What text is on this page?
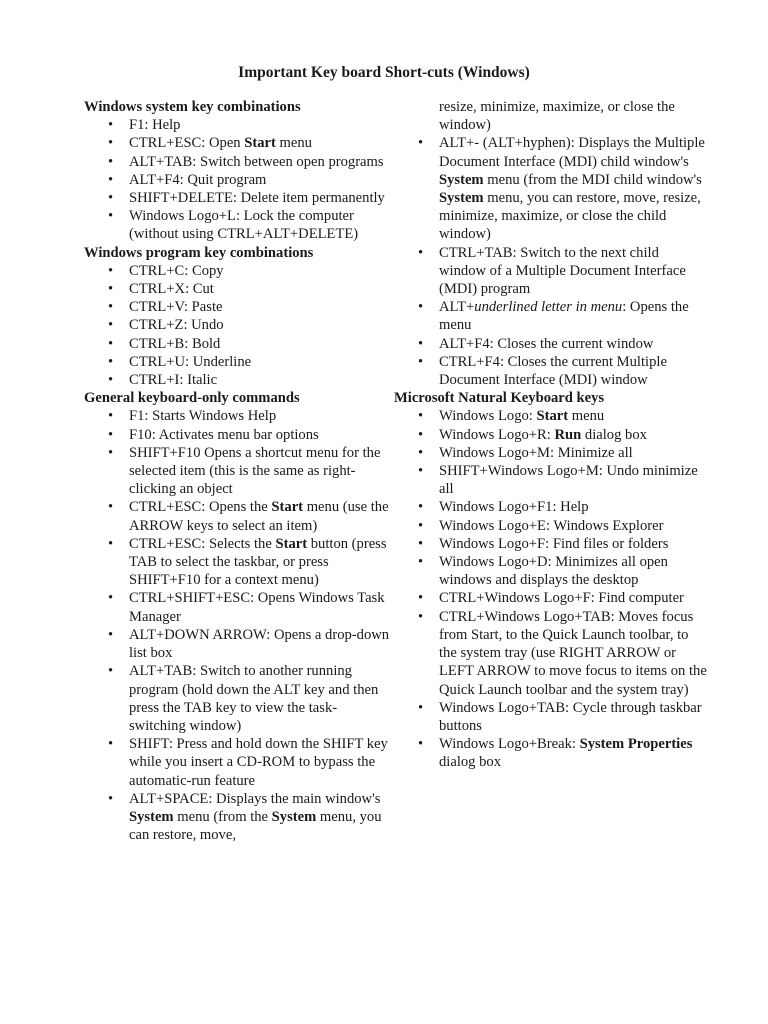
Important Key board Short-cuts (Windows)
Windows system key combinations
• F1: Help
• CTRL+ESC: Open Start menu
• ALT+TAB: Switch between open programs
• ALT+F4: Quit program
• SHIFT+DELETE: Delete item permanently
• Windows Logo+L: Lock the computer (without using CTRL+ALT+DELETE)
Windows program key combinations
• CTRL+C: Copy
• CTRL+X: Cut
• CTRL+V: Paste
• CTRL+Z: Undo
• CTRL+B: Bold
• CTRL+U: Underline
• CTRL+I: Italic
General keyboard-only commands
• F1: Starts Windows Help
• F10: Activates menu bar options
• SHIFT+F10 Opens a shortcut menu for the selected item (this is the same as right-clicking an object
• CTRL+ESC: Opens the Start menu (use the ARROW keys to select an item)
• CTRL+ESC: Selects the Start button (press TAB to select the taskbar, or press SHIFT+F10 for a context menu)
• CTRL+SHIFT+ESC: Opens Windows Task Manager
• ALT+DOWN ARROW: Opens a drop-down list box
• ALT+TAB: Switch to another running program (hold down the ALT key and then press the TAB key to view the task-switching window)
• SHIFT: Press and hold down the SHIFT key while you insert a CD-ROM to bypass the automatic-run feature
• ALT+SPACE: Displays the main window's System menu (from the System menu, you can restore, move,
resize, minimize, maximize, or close the window)
• ALT+- (ALT+hyphen): Displays the Multiple Document Interface (MDI) child window's System menu (from the MDI child window's System menu, you can restore, move, resize, minimize, maximize, or close the child window)
• CTRL+TAB: Switch to the next child window of a Multiple Document Interface (MDI) program
• ALT+underlined letter in menu: Opens the menu
• ALT+F4: Closes the current window
• CTRL+F4: Closes the current Multiple Document Interface (MDI) window
Microsoft Natural Keyboard keys
• Windows Logo: Start menu
• Windows Logo+R: Run dialog box
• Windows Logo+M: Minimize all
• SHIFT+Windows Logo+M: Undo minimize all
• Windows Logo+F1: Help
• Windows Logo+E: Windows Explorer
• Windows Logo+F: Find files or folders
• Windows Logo+D: Minimizes all open windows and displays the desktop
• CTRL+Windows Logo+F: Find computer
• CTRL+Windows Logo+TAB: Moves focus from Start, to the Quick Launch toolbar, to the system tray (use RIGHT ARROW or LEFT ARROW to move focus to items on the Quick Launch toolbar and the system tray)
• Windows Logo+TAB: Cycle through taskbar buttons
• Windows Logo+Break: System Properties dialog box
